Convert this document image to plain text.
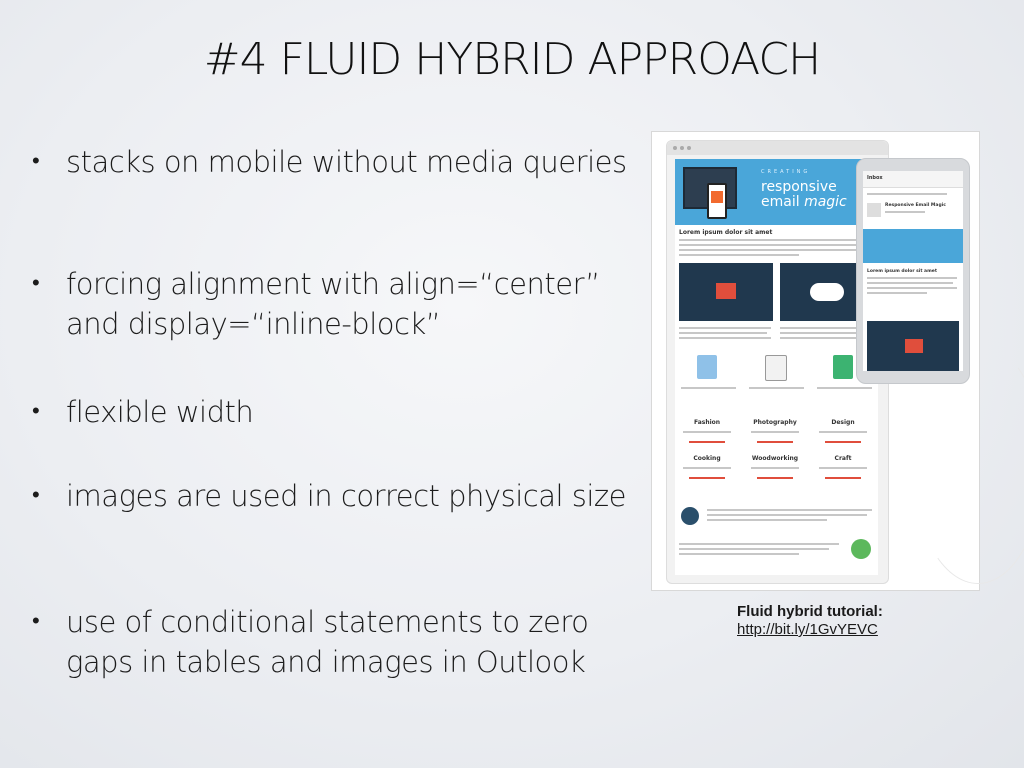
#4 FLUID HYBRID APPROACH
• stacks on mobile without media queries
• forcing alignment with align=“center” and display=“inline-block”
• flexible width
• images are used in correct physical size
• use of conditional statements to zero gaps in tables and images in Outlook
CREATING
responsive
email magic
Lorem ipsum dolor sit amet
Fashion	Photography	Design
Cooking	Woodworking	Craft
Inbox
Responsive Email Magic
Lorem ipsum dolor sit amet
Fluid hybrid tutorial:
http://bit.ly/1GvYEVC
